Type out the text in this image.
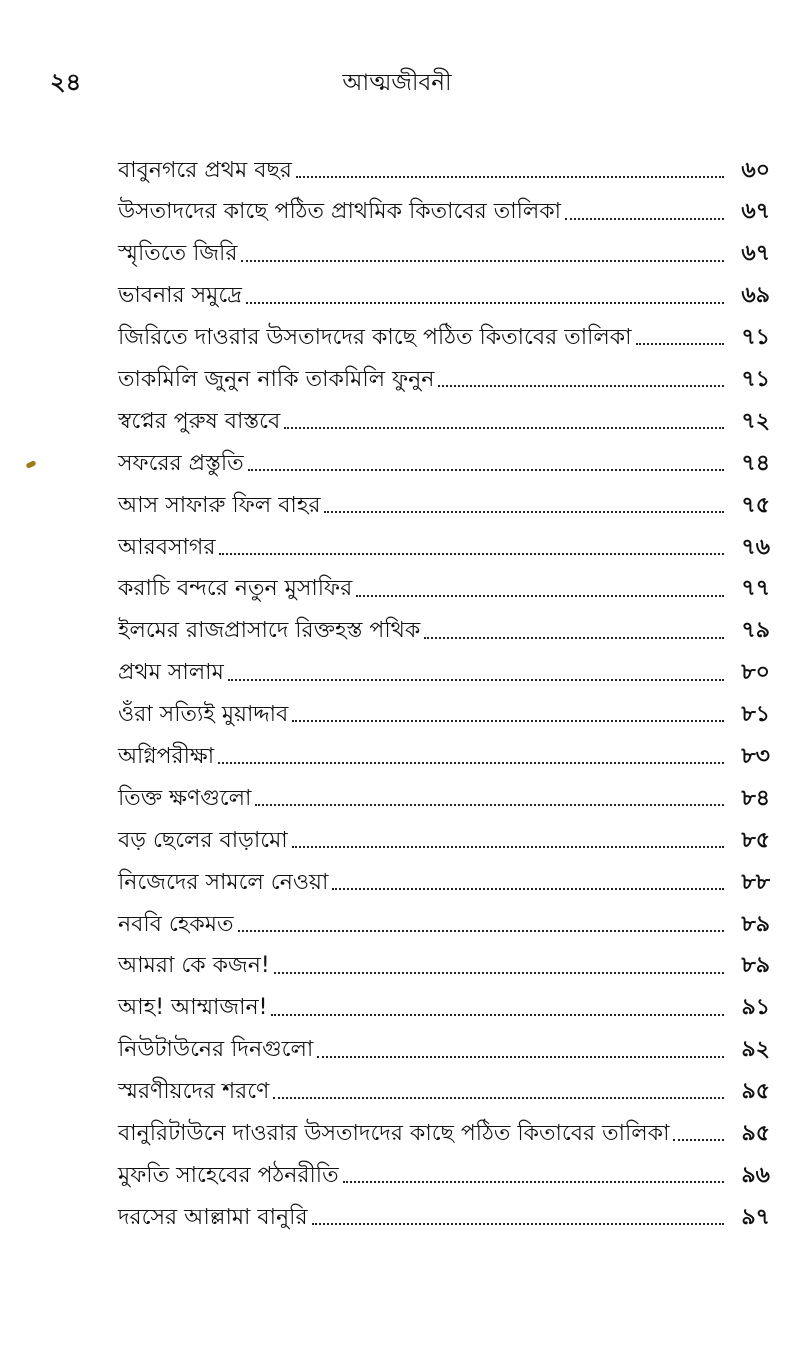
২৪	আত্মজীবনী
বাবুনগরে প্রথম বছর	৬০
উসতাদদের কাছে পঠিত প্রাথমিক কিতাবের তালিকা	৬৭
স্মৃতিতে জিরি	৬৭
ভাবনার সমুদ্রে	৬৯
জিরিতে দাওরার উসতাদদের কাছে পঠিত কিতাবের তালিকা	৭১
তাকমিলি জুনুন নাকি তাকমিলি ফুনুন	৭১
স্বপ্নের পুরুষ বাস্তবে	৭২
সফরের প্রস্তুতি	৭৪
আস সাফারু ফিল বাহর	৭৫
আরবসাগর	৭৬
করাচি বন্দরে নতুন মুসাফির	৭৭
ইলমের রাজপ্রাসাদে রিক্তহস্ত পথিক	৭৯
প্রথম সালাম	৮০
ওঁরা সত্যিই মুয়াদ্দাব	৮১
অগ্নিপরীক্ষা	৮৩
তিক্ত ক্ষণগুলো	৮৪
বড় ছেলের বাড়ামো	৮৫
নিজেদের সামলে নেওয়া	৮৮
নববি হেকমত	৮৯
আমরা কে কজন!	৮৯
আহ! আম্মাজান!	৯১
নিউটাউনের দিনগুলো	৯২
স্মরণীয়দের শরণে	৯৫
বানুরিটাউনে দাওরার উসতাদদের কাছে পঠিত কিতাবের তালিকা	৯৫
মুফতি সাহেবের পঠনরীতি	৯৬
দরসের আল্লামা বানুরি	৯৭
